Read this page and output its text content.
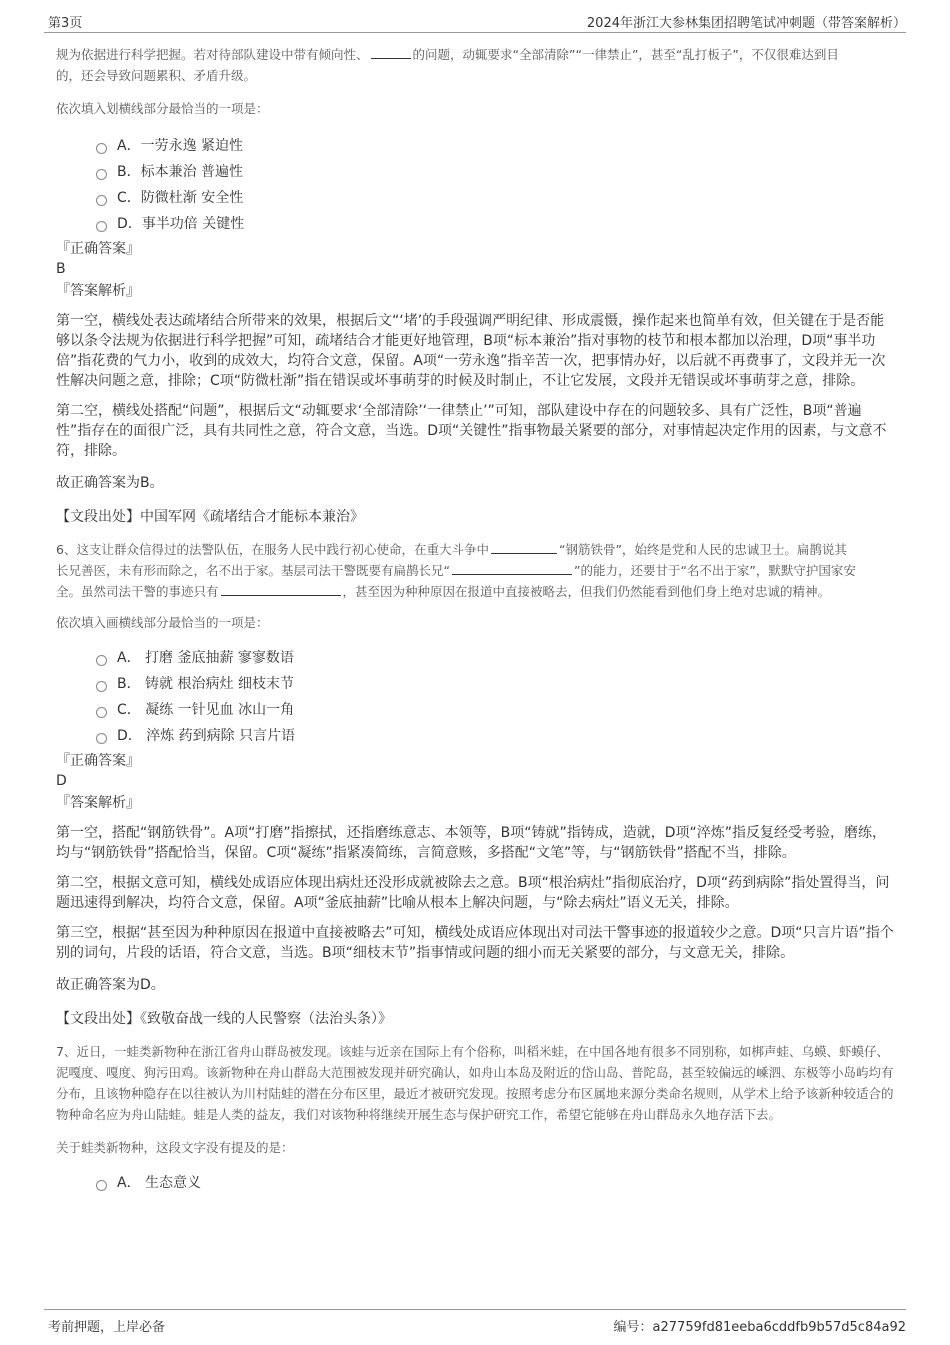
第3页	2024年浙江大参林集团招聘笔试冲刺题（带答案解析）

规为依据进行科学把握。若对待部队建设中带有倾向性、	的问题，动辄要求“全部清除”“一律禁止”，甚至“乱打板子”，不仅很难达到目
的，还会导致问题累积、矛盾升级。

依次填入划横线部分最恰当的一项是：

A．一劳永逸 紧迫性
B．标本兼治 普遍性
C．防微杜渐 安全性
D．事半功倍 关键性

『正确答案』

B

『答案解析』

第一空，横线处表达疏堵结合所带来的效果，根据后文“‘堵’的手段强调严明纪律、形成震慑，操作起来也简单有效，但关键在于是否能够以条令法规为依据进行科学把握”可知，疏堵结合才能更好地管理，B项“标本兼治”指对事物的枝节和根本都加以治理，D项“事半功倍”指花费的气力小，收到的成效大，均符合文意，保留。A项“一劳永逸”指辛苦一次，把事情办好，以后就不再费事了，文段并无一次性解决问题之意，排除；C项“防微杜渐”指在错误或坏事萌芽的时候及时制止，不让它发展，文段并无错误或坏事萌芽之意，排除。

第二空，横线处搭配“问题”，根据后文“动辄要求‘全部清除’‘一律禁止’”可知，部队建设中存在的问题较多、具有广泛性，B项“普遍性”指存在的面很广泛，具有共同性之意，符合文意，当选。D项“关键性”指事物最关紧要的部分，对事情起决定作用的因素，与文意不符，排除。

故正确答案为B。

【文段出处】中国军网《疏堵结合才能标本兼治》

6、这支让群众信得过的法警队伍，在服务人民中践行初心使命，在重大斗争中	“钢筋铁骨”，始终是党和人民的忠诚卫士。扁鹊说其
长兄善医，未有形而除之，名不出于家。基层司法干警既要有扁鹊长兄“	”的能力，还要甘于“名不出于家”，默默守护国家安
全。虽然司法干警的事迹只有	，甚至因为种种原因在报道中直接被略去，但我们仍然能看到他们身上绝对忠诚的精神。

依次填入画横线部分最恰当的一项是：

A． 打磨 釜底抽薪 寥寥数语
B． 铸就 根治病灶 细枝末节
C． 凝练 一针见血 冰山一角
D． 淬炼 药到病除 只言片语

『正确答案』

D

『答案解析』

第一空，搭配“钢筋铁骨”。A项“打磨”指擦拭，还指磨练意志、本领等，B项“铸就”指铸成，造就，D项“淬炼”指反复经受考验，磨练，均与“钢筋铁骨”搭配恰当，保留。C项“凝练”指紧凑简练，言简意赅，多搭配“文笔”等，与“钢筋铁骨”搭配不当，排除。

第二空，根据文意可知，横线处成语应体现出病灶还没形成就被除去之意。B项“根治病灶”指彻底治疗，D项“药到病除”指处置得当，问题迅速得到解决，均符合文意，保留。A项“釜底抽薪”比喻从根本上解决问题，与“除去病灶”语义无关，排除。

第三空，根据“甚至因为种种原因在报道中直接被略去”可知，横线处成语应体现出对司法干警事迹的报道较少之意。D项“只言片语”指个别的词句，片段的话语，符合文意，当选。B项“细枝末节”指事情或问题的细小而无关紧要的部分，与文意无关，排除。

故正确答案为D。

【文段出处】《致敬奋战一线的人民警察（法治头条）》

7、近日，一蛙类新物种在浙江省舟山群岛被发现。该蛙与近亲在国际上有个俗称，叫稻米蛙，在中国各地有很多不同别称，如梆声蛙、乌蟆、虾蟆仔、泥嘎度、嘎度、狗污田鸡。该新物种在舟山群岛大范围被发现并研究确认，如舟山本岛及附近的岱山岛、普陀岛，甚至较偏远的嵊泗、东极等小岛屿均有分布，且该物种隐存在以往被认为川村陆蛙的潜在分布区里，最近才被研究发现。按照考虑分布区属地来源分类命名规则，从学术上给予该新种较适合的物种命名应为舟山陆蛙。蛙是人类的益友，我们对该物种将继续开展生态与保护研究工作，希望它能够在舟山群岛永久地存活下去。

关于蛙类新物种，这段文字没有提及的是：

A． 生态意义
考前押题，上岸必备	编号：a27759fd81eeba6cddfb9b57d5c84a92
